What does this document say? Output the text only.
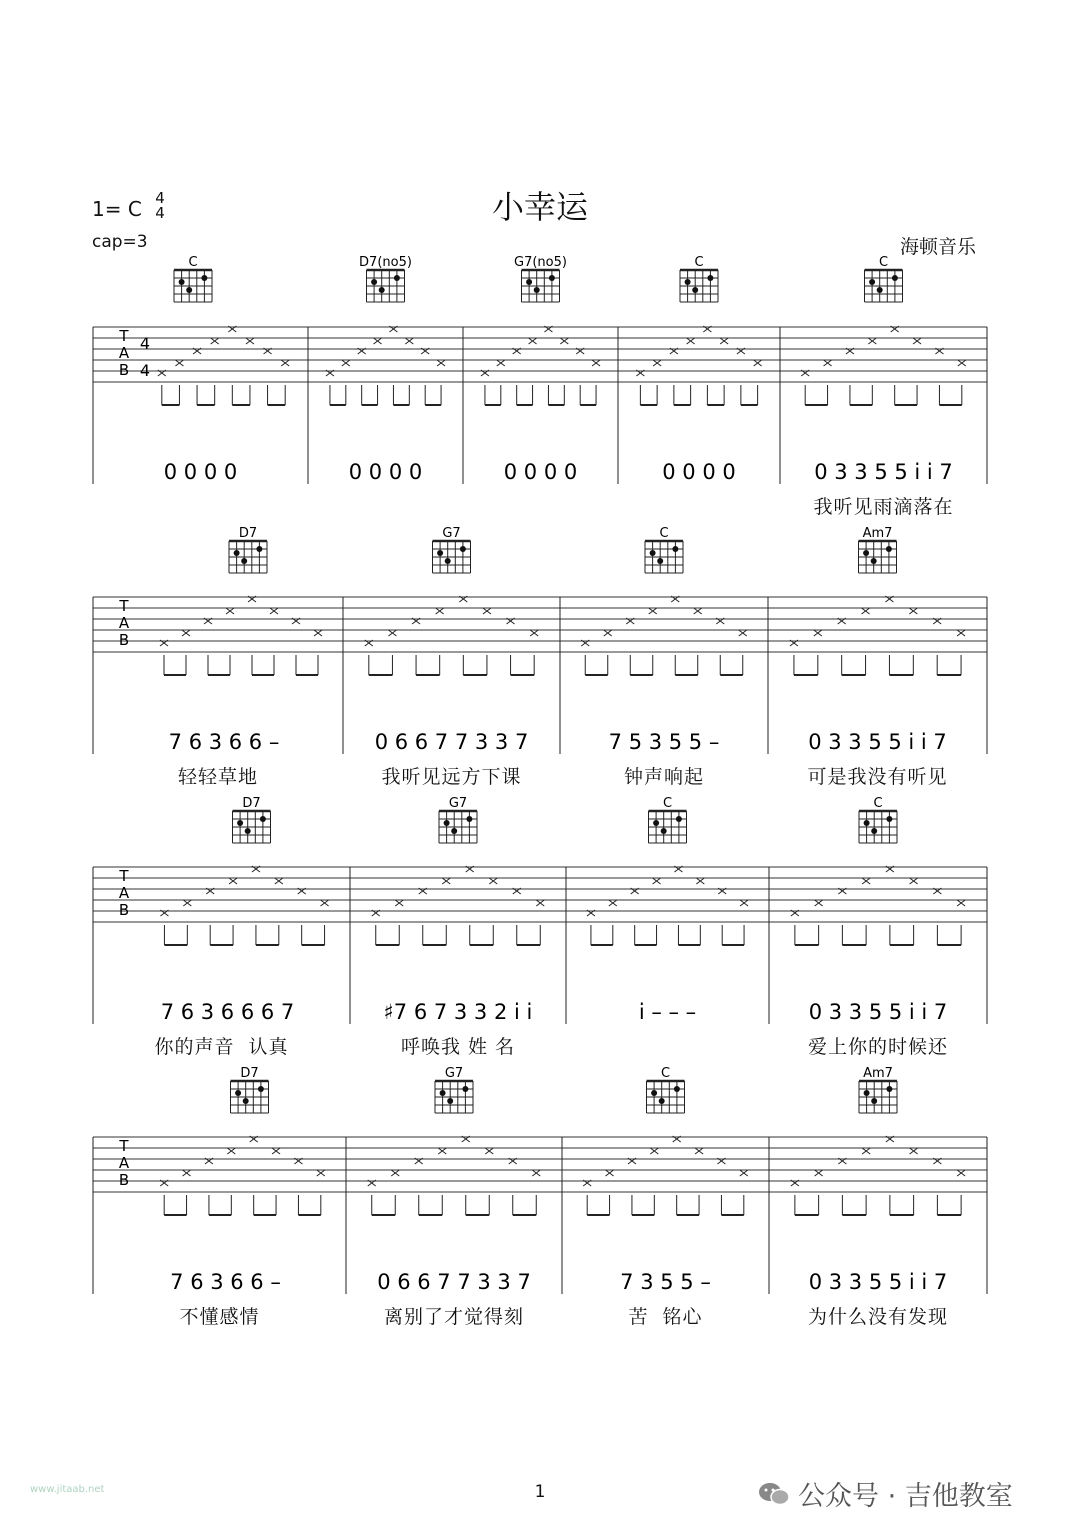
小幸运
1= C 4
4
cap=3	海顿音乐
T
A
B
4
4
C
0 0 0 0
D7(no5)
0 0 0 0
G7(no5)
0 0 0 0
C
0 0 0 0
C
0 3 3 5 5 i i 7
T
A
B
D7
7 6 3 6 6 –
G7
0 6 6 7 7 3 3 7
C
7 5 3 5 5 –
Am7
0 3 3 5 5 i i 7
T
A
B
D7
7 6 3 6 6 6 7
G7
♯7 6 7 3 3 2 i i
C
i – – –
C
0 3 3 5 5 i i 7
T
A
B
D7
7 6 3 6 6 –
G7
0 6 6 7 7 3 3 7
C
7 3 5 5 –
Am7
0 3 3 5 5 i i 7
我听见雨滴落在
轻轻草地	我听见远方下课	钟声响起	可是我没有听见
你的声音  认真	呼唤我 姓 名	爱上你的时候还
不懂感情	离别了才觉得刻	苦  铭心	为什么没有发现
1
www.jitaab.net	公众号 · 吉他教室
